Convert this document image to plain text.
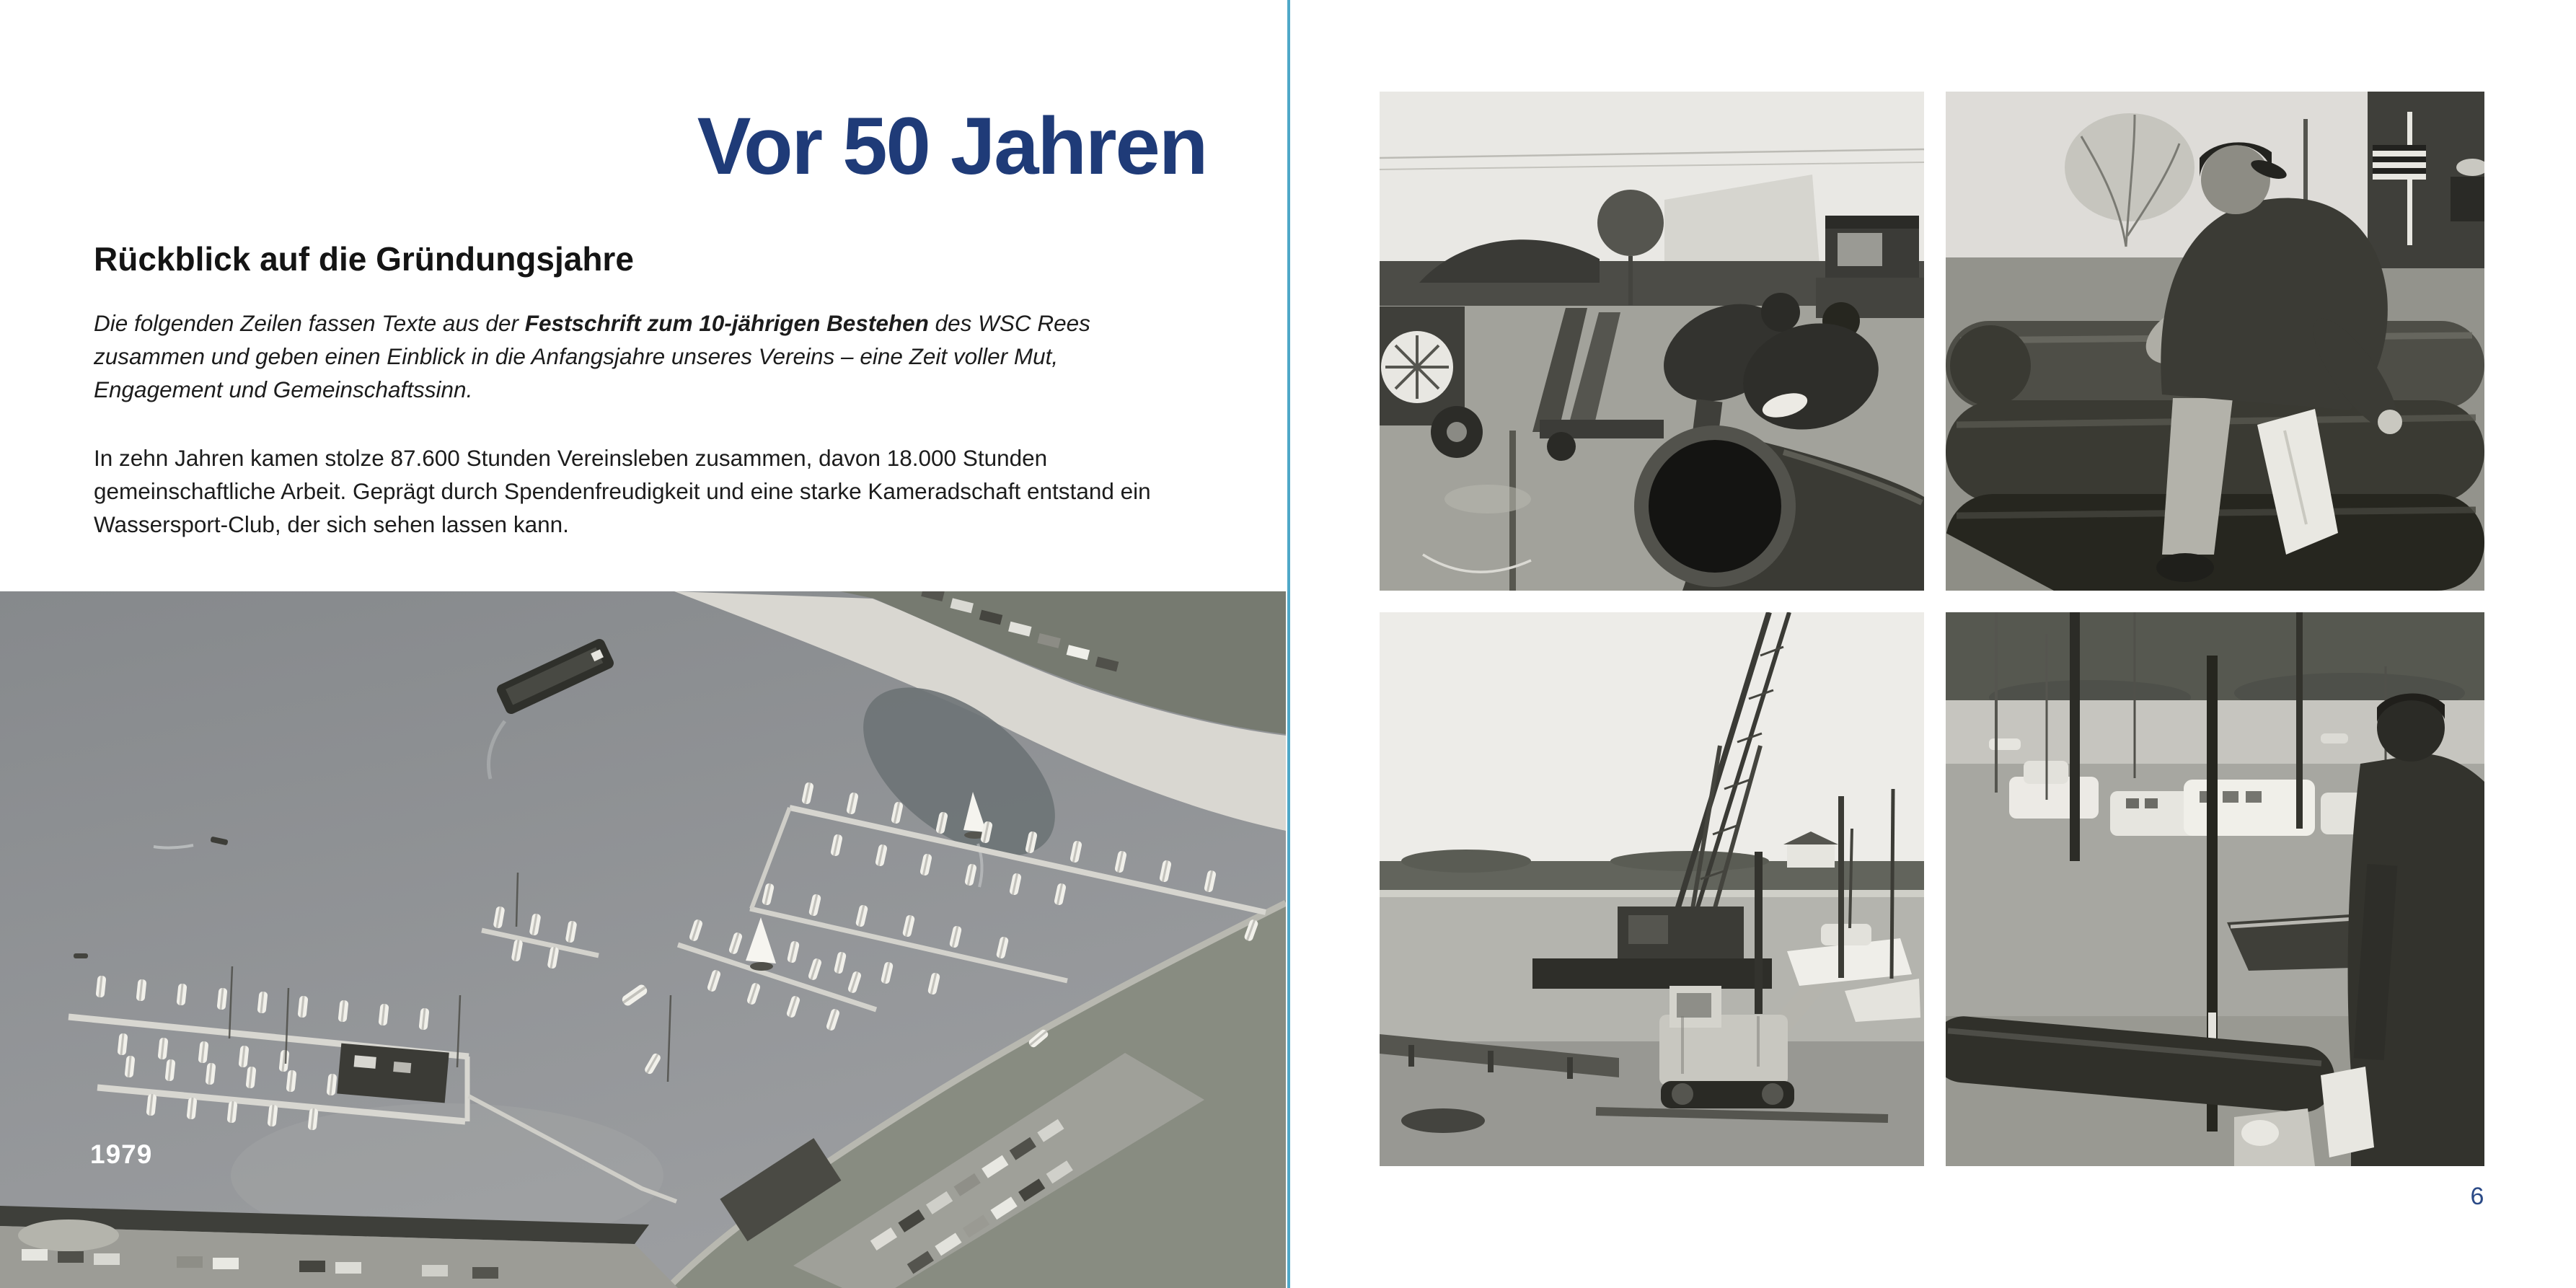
Vor 50 Jahren
Rückblick auf die Gründungsjahre

Die folgenden Zeilen fassen Texte aus der Festschrift zum 10-jährigen Bestehen des WSC Rees zusammen und geben einen Einblick in die Anfangsjahre unseres Vereins – eine Zeit voller Mut, Engagement und Gemeinschaftssinn.

In zehn Jahren kamen stolze 87.600 Stunden Vereinsleben zusammen, davon 18.000 Stunden gemeinschaftliche Arbeit. Geprägt durch Spendenfreudigkeit und eine starke Kameradschaft entstand ein Wassersport-Club, der sich sehen lassen kann.

1979
6
